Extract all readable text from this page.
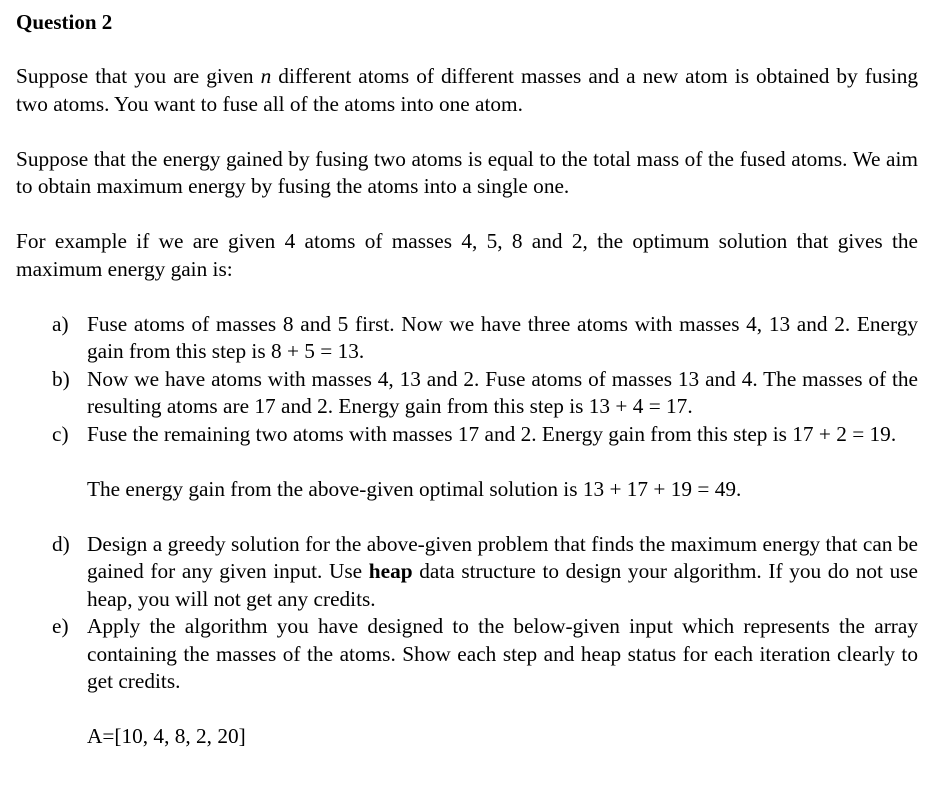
Question 2

Suppose that you are given n different atoms of different masses and a new atom is obtained by fusing two atoms. You want to fuse all of the atoms into one atom.

Suppose that the energy gained by fusing two atoms is equal to the total mass of the fused atoms. We aim to obtain maximum energy by fusing the atoms into a single one.

For example if we are given 4 atoms of masses 4, 5, 8 and 2, the optimum solution that gives the maximum energy gain is:

a) Fuse atoms of masses 8 and 5 first. Now we have three atoms with masses 4, 13 and 2. Energy gain from this step is 8 + 5 = 13.
b) Now we have atoms with masses 4, 13 and 2. Fuse atoms of masses 13 and 4. The masses of the resulting atoms are 17 and 2. Energy gain from this step is 13 + 4 = 17.
c) Fuse the remaining two atoms with masses 17 and 2. Energy gain from this step is 17 + 2 = 19.
The energy gain from the above-given optimal solution is 13 + 17 + 19 = 49.
d) Design a greedy solution for the above-given problem that finds the maximum energy that can be gained for any given input. Use heap data structure to design your algorithm. If you do not use heap, you will not get any credits.
e) Apply the algorithm you have designed to the below-given input which represents the array containing the masses of the atoms. Show each step and heap status for each iteration clearly to get credits.
A=[10, 4, 8, 2, 20]
